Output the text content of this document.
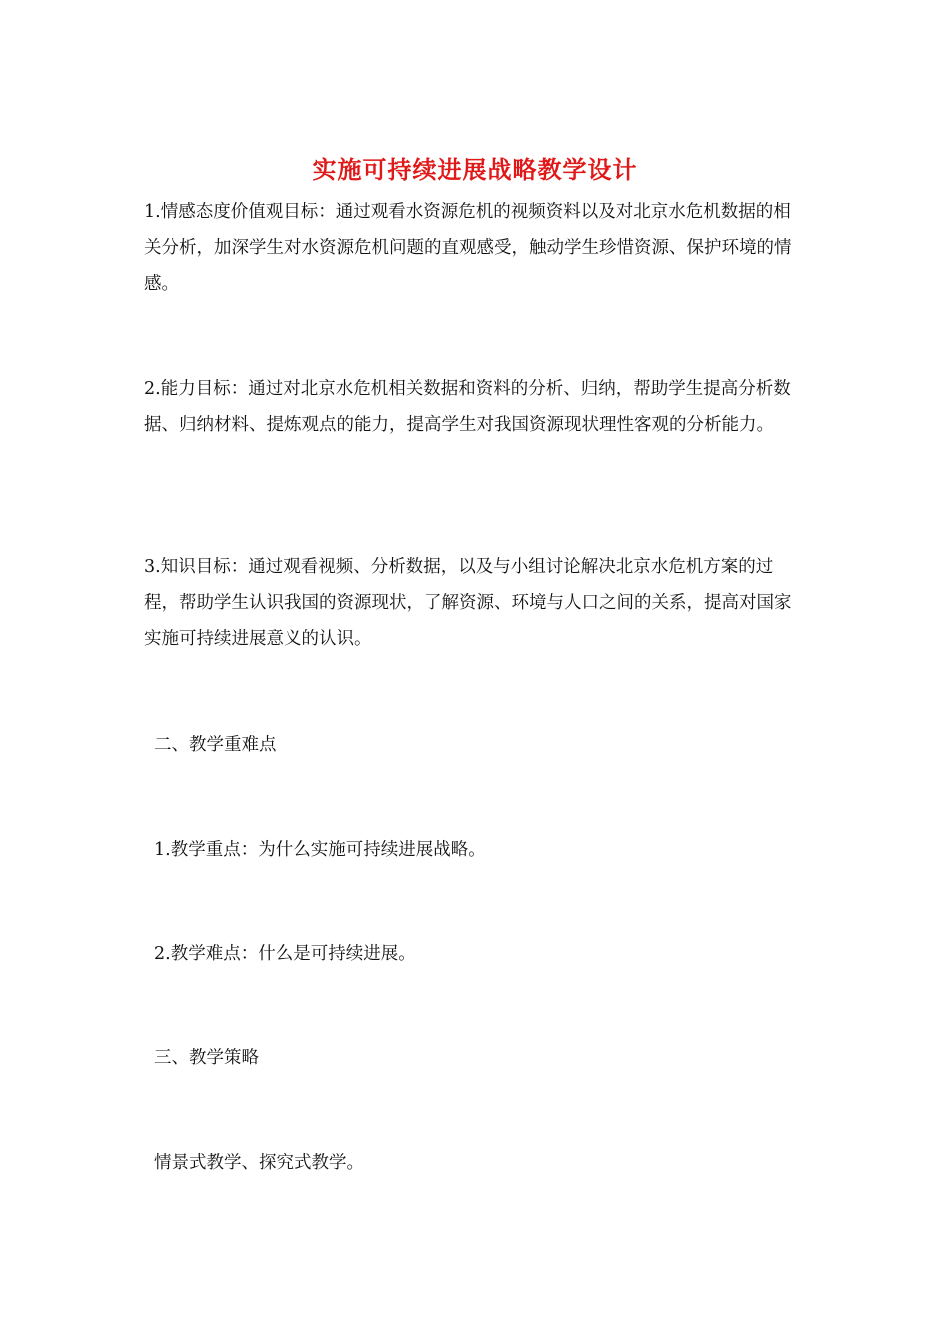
实施可持续进展战略教学设计

1.情感态度价值观目标：通过观看水资源危机的视频资料以及对北京水危机数据的相关分析，加深学生对水资源危机问题的直观感受，触动学生珍惜资源、保护环境的情感。

2.能力目标：通过对北京水危机相关数据和资料的分析、归纳，帮助学生提高分析数据、归纳材料、提炼观点的能力，提高学生对我国资源现状理性客观的分析能力。

3.知识目标：通过观看视频、分析数据，以及与小组讨论解决北京水危机方案的过程，帮助学生认识我国的资源现状，了解资源、环境与人口之间的关系，提高对国家实施可持续进展意义的认识。

二、教学重难点
1.教学重点：为什么实施可持续进展战略。
2.教学难点：什么是可持续进展。
三、教学策略
情景式教学、探究式教学。
